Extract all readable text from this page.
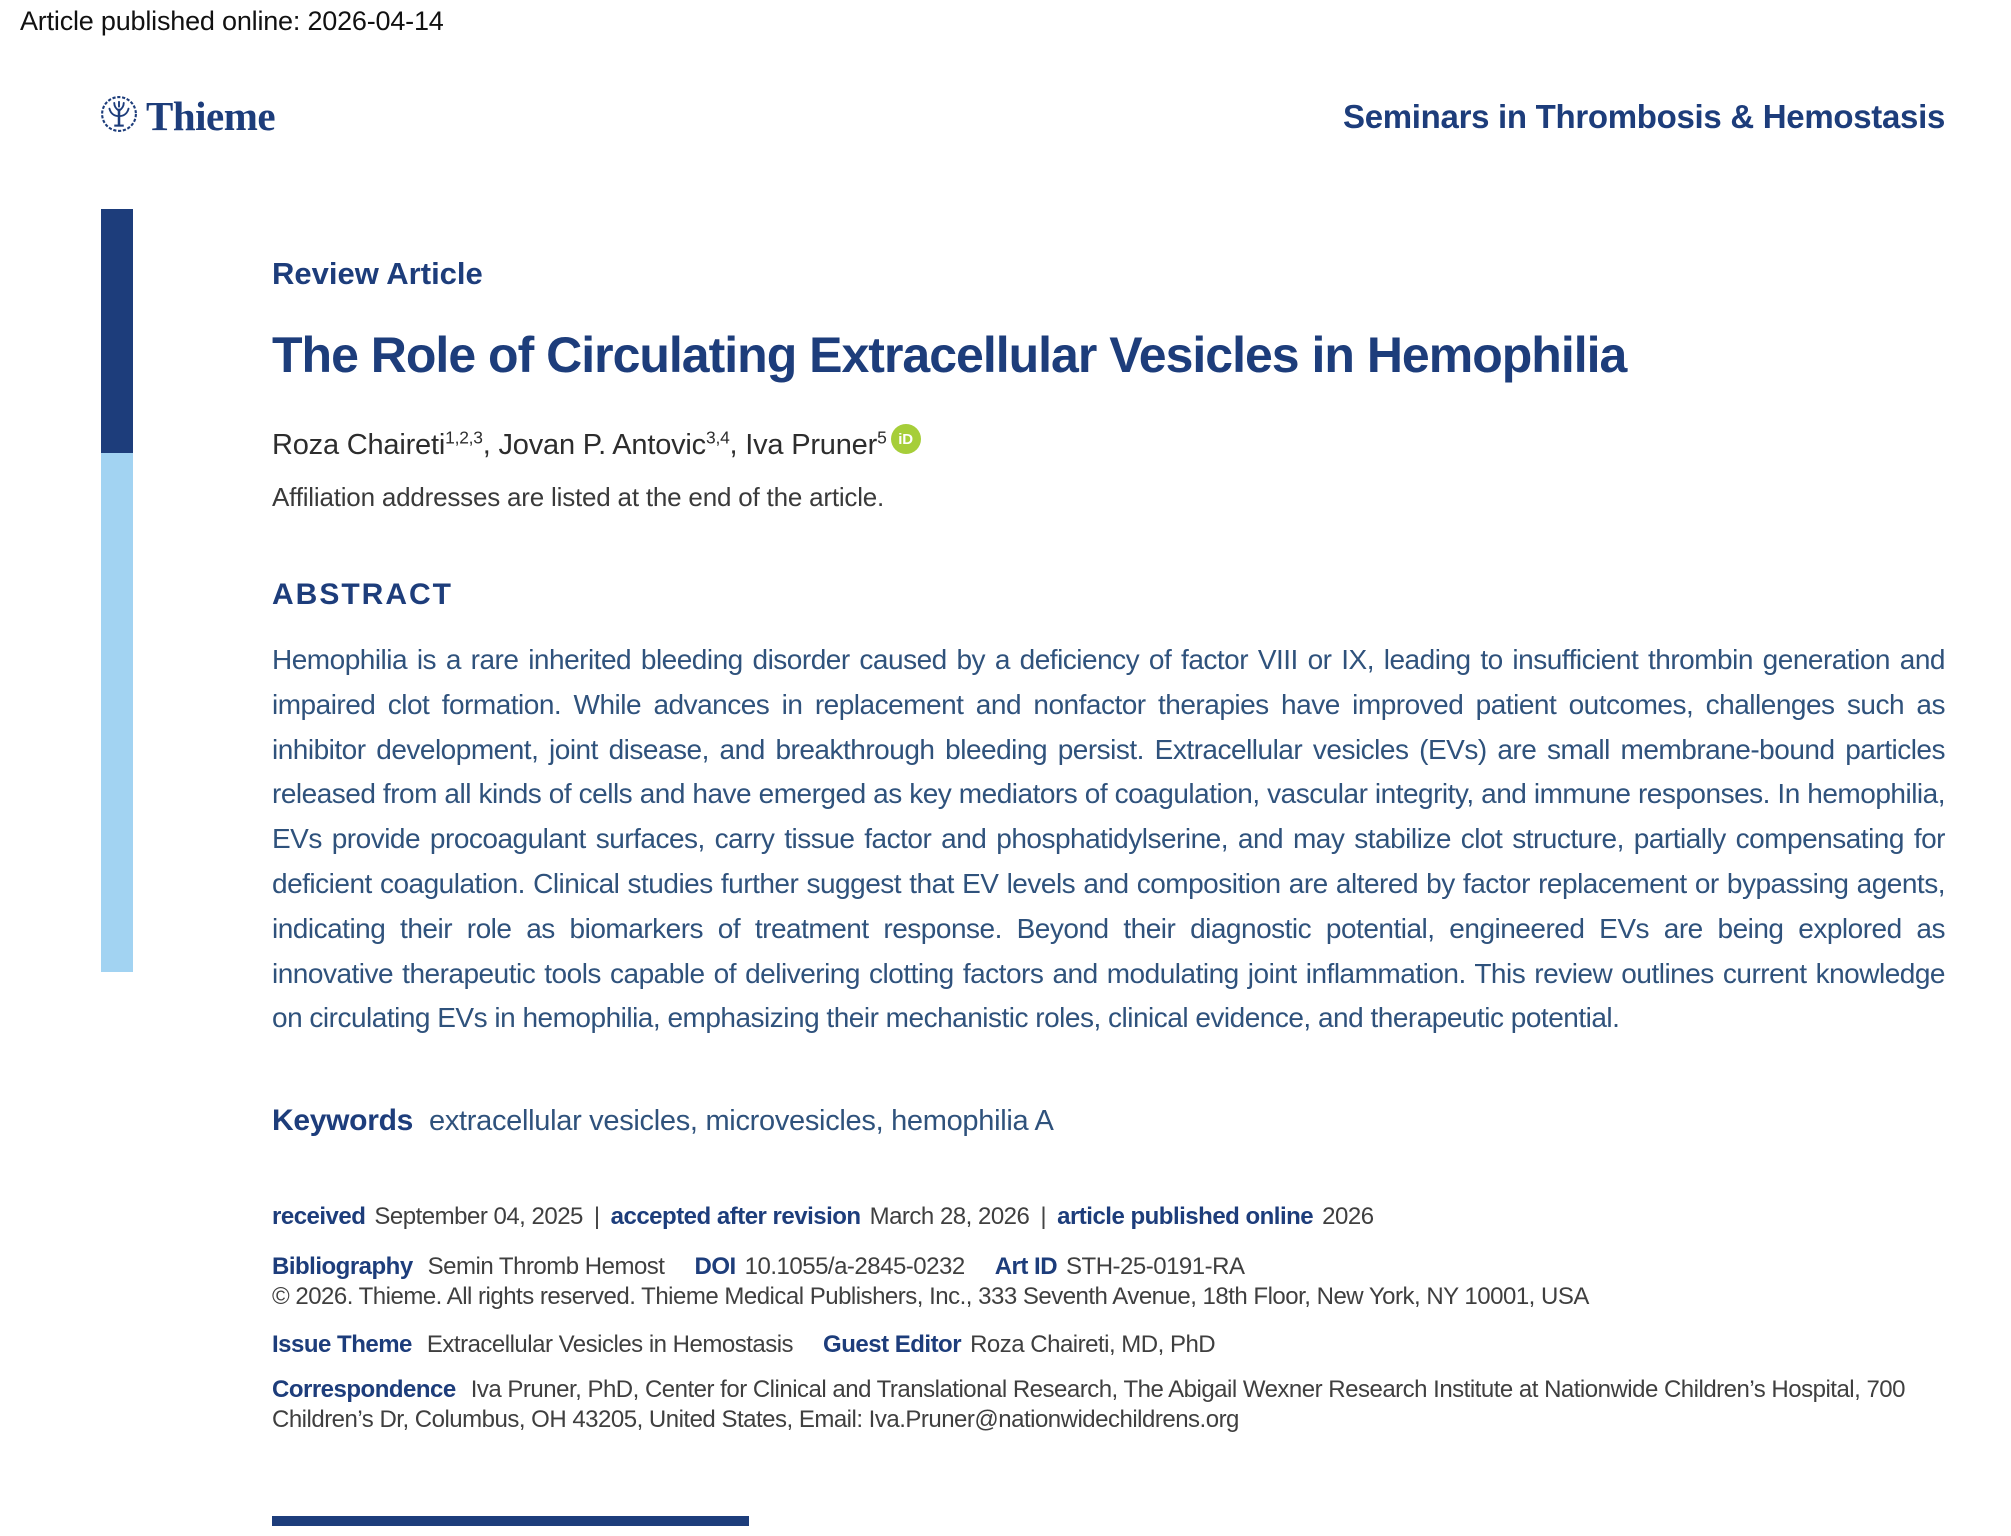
Article published online: 2026-04-14
Thieme	Seminars in Thrombosis & Hemostasis
Review Article
The Role of Circulating Extracellular Vesicles in Hemophilia
Roza Chaireti$^{1,2,3}$, Jovan P. Antovic$^{3,4}$, Iva Pruner$^5$ iD
Affiliation addresses are listed at the end of the article.
ABSTRACT

Hemophilia is a rare inherited bleeding disorder caused by a deficiency of factor VIII or IX, leading to insufficient thrombin generation and impaired clot formation. While advances in replacement and nonfactor therapies have improved patient outcomes, challenges such as inhibitor development, joint disease, and breakthrough bleeding persist. Extracellular vesicles (EVs) are small membrane-bound particles released from all kinds of cells and have emerged as key mediators of coagulation, vascular integrity, and immune responses. In hemophilia, EVs provide procoagulant surfaces, carry tissue factor and phosphatidylserine, and may stabilize clot structure, partially compensating for deficient coagulation. Clinical studies further suggest that EV levels and composition are altered by factor replacement or bypassing agents, indicating their role as biomarkers of treatment response. Beyond their diagnostic potential, engineered EVs are being explored as innovative therapeutic tools capable of delivering clotting factors and modulating joint inflammation. This review outlines current knowledge on circulating EVs in hemophilia, emphasizing their mechanistic roles, clinical evidence, and therapeutic potential.

Keywords extracellular vesicles, microvesicles, hemophilia A
received September 04, 2025 | accepted after revision March 28, 2026 | article published online 2026
Bibliography Semin Thromb Hemost DOI 10.1055/a-2845-0232 Art ID STH-25-0191-RA
© 2026. Thieme. All rights reserved. Thieme Medical Publishers, Inc., 333 Seventh Avenue, 18th Floor, New York, NY 10001, USA
Issue Theme Extracellular Vesicles in Hemostasis Guest Editor Roza Chaireti, MD, PhD

Correspondence Iva Pruner, PhD, Center for Clinical and Translational Research, The Abigail Wexner Research Institute at Nationwide Children’s Hospital, 700 Children’s Dr, Columbus, OH 43205, United States, Email: Iva.Pruner@nationwidechildrens.org
